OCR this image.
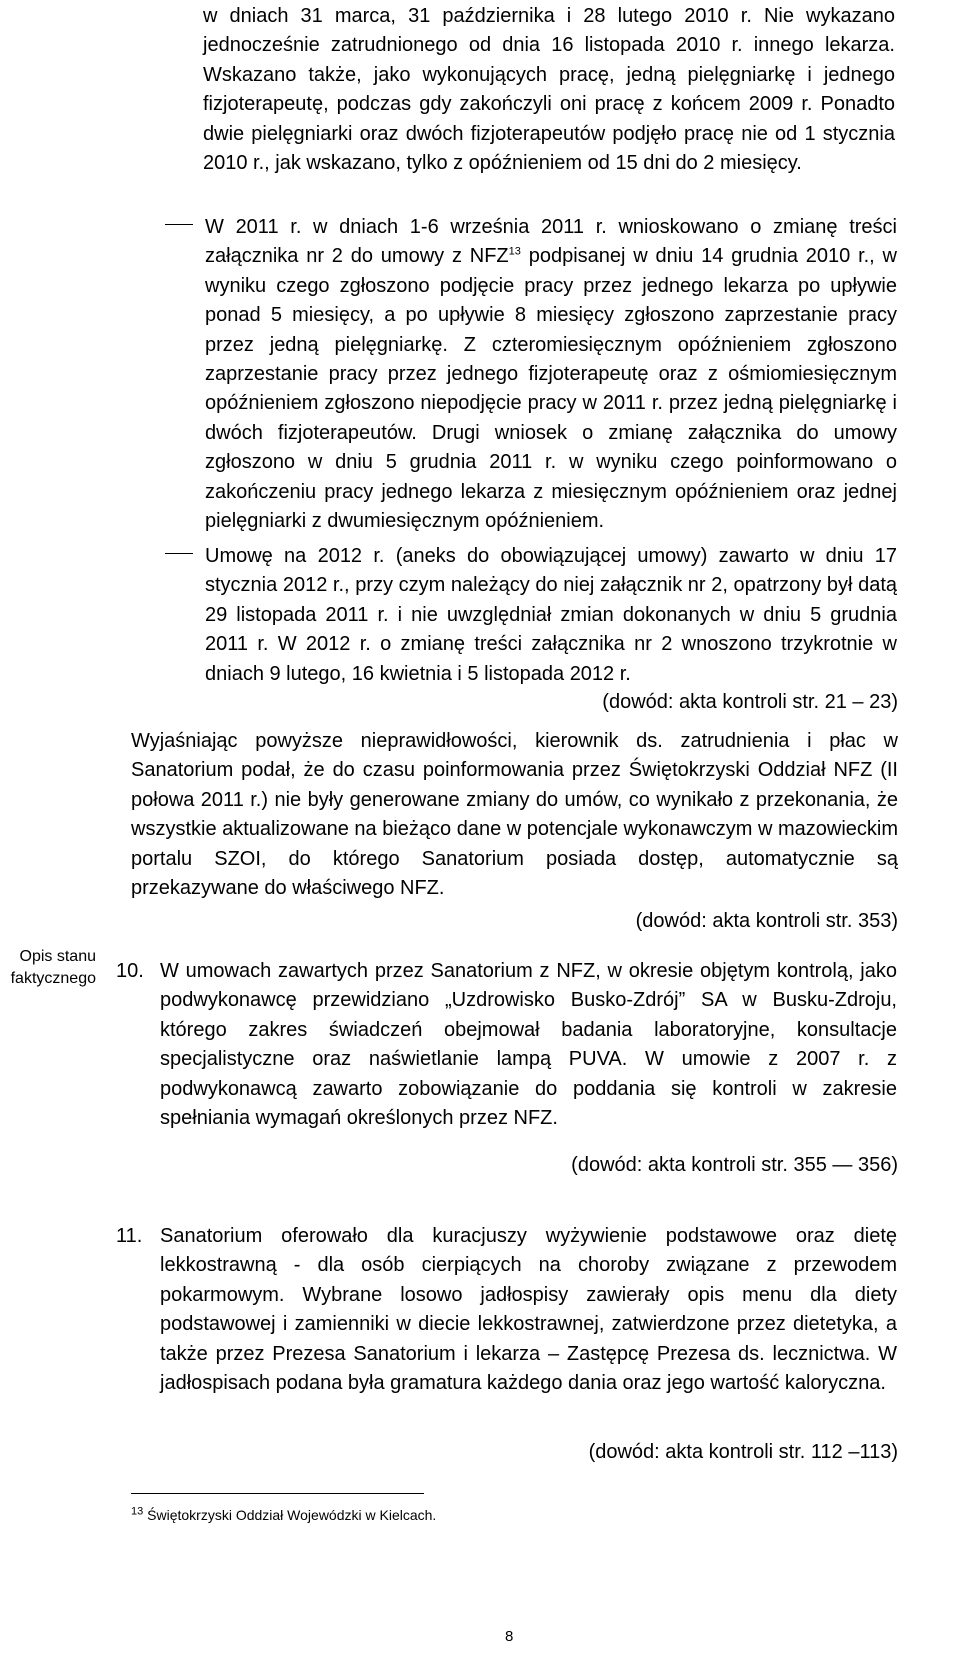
w dniach 31 marca, 31 października i 28 lutego 2010 r. Nie wykazano jednocześnie zatrudnionego od dnia 16 listopada 2010 r. innego lekarza. Wskazano także, jako wykonujących pracę, jedną pielęgniarkę i jednego fizjoterapeutę, podczas gdy zakończyli oni pracę z końcem 2009 r. Ponadto dwie pielęgniarki oraz dwóch fizjoterapeutów podjęło pracę nie od 1 stycznia 2010 r., jak wskazano, tylko z opóźnieniem od 15 dni do 2 miesięcy.
W 2011 r. w dniach 1-6 września 2011 r. wnioskowano o zmianę treści załącznika nr 2 do umowy z NFZ$^{13}$ podpisanej w dniu 14 grudnia 2010 r., w wyniku czego zgłoszono podjęcie pracy przez jednego lekarza po upływie ponad 5 miesięcy, a po upływie 8 miesięcy zgłoszono zaprzestanie pracy przez jedną pielęgniarkę. Z czteromiesięcznym opóźnieniem zgłoszono zaprzestanie pracy przez jednego fizjoterapeutę oraz z ośmiomiesięcznym opóźnieniem zgłoszono niepodjęcie pracy w 2011 r. przez jedną pielęgniarkę i dwóch fizjoterapeutów. Drugi wniosek o zmianę załącznika do umowy zgłoszono w dniu 5 grudnia 2011 r. w wyniku czego poinformowano o zakończeniu pracy jednego lekarza z miesięcznym opóźnieniem oraz jednej pielęgniarki z dwumiesięcznym opóźnieniem.
Umowę na 2012 r. (aneks do obowiązującej umowy) zawarto w dniu 17 stycznia 2012 r., przy czym należący do niej załącznik nr 2, opatrzony był datą 29 listopada 2011 r. i nie uwzględniał zmian dokonanych w dniu 5 grudnia 2011 r. W 2012 r. o zmianę treści załącznika nr 2 wnoszono trzykrotnie w dniach 9 lutego, 16 kwietnia i 5 listopada 2012 r.
(dowód: akta kontroli str. 21 – 23)
Wyjaśniając powyższe nieprawidłowości, kierownik ds. zatrudnienia i płac w Sanatorium podał, że do czasu poinformowania przez Świętokrzyski Oddział NFZ (II połowa 2011 r.) nie były generowane zmiany do umów, co wynikało z przekonania, że wszystkie aktualizowane na bieżąco dane w potencjale wykonawczym w mazowieckim portalu SZOI, do którego Sanatorium posiada dostęp, automatycznie są przekazywane do właściwego NFZ.
(dowód: akta kontroli str. 353)
Opis stanu faktycznego 10. W umowach zawartych przez Sanatorium z NFZ, w okresie objętym kontrolą, jako podwykonawcę przewidziano „Uzdrowisko Busko-Zdrój” SA w Busku-Zdroju, którego zakres świadczeń obejmował badania laboratoryjne, konsultacje specjalistyczne oraz naświetlanie lampą PUVA. W umowie z 2007 r. z podwykonawcą zawarto zobowiązanie do poddania się kontroli w zakresie spełniania wymagań określonych przez NFZ.
(dowód: akta kontroli str. 355 — 356)
11. Sanatorium oferowało dla kuracjuszy wyżywienie podstawowe oraz dietę lekkostrawną - dla osób cierpiących na choroby związane z przewodem pokarmowym. Wybrane losowo jadłospisy zawierały opis menu dla diety podstawowej i zamienniki w diecie lekkostrawnej, zatwierdzone przez dietetyka, a także przez Prezesa Sanatorium i lekarza – Zastępcę Prezesa ds. lecznictwa. W jadłospisach podana była gramatura każdego dania oraz jego wartość kaloryczna.
(dowód: akta kontroli str. 112 –113)
$^{13}$ Świętokrzyski Oddział Wojewódzki w Kielcach.
8
